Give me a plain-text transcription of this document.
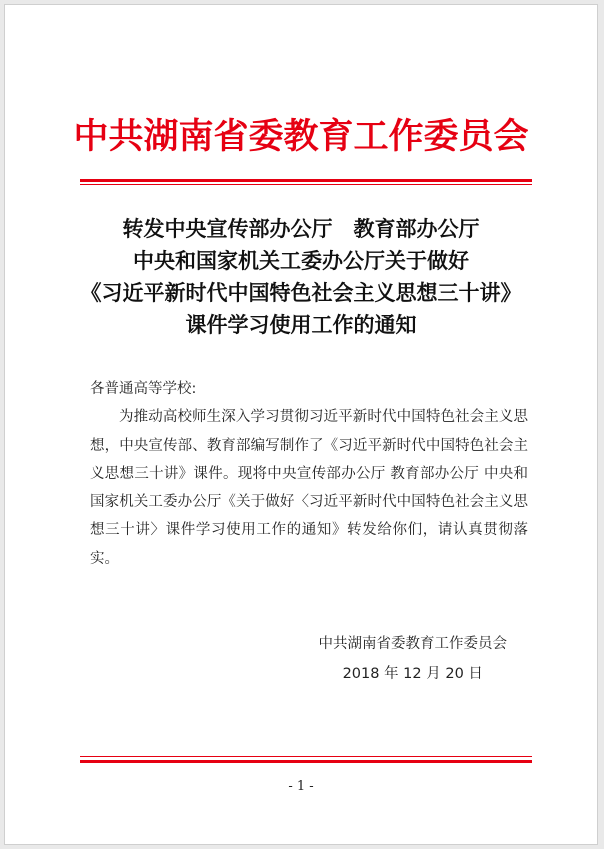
中共湖南省委教育工作委员会
转发中央宣传部办公厅　教育部办公厅
中央和国家机关工委办公厅关于做好
《习近平新时代中国特色社会主义思想三十讲》
课件学习使用工作的通知
各普通高等学校:
为推动高校师生深入学习贯彻习近平新时代中国特色社会主义思想，中央宣传部、教育部编写制作了《习近平新时代中国特色社会主义思想三十讲》课件。现将中央宣传部办公厅 教育部办公厅 中央和国家机关工委办公厅《关于做好〈习近平新时代中国特色社会主义思想三十讲〉课件学习使用工作的通知》转发给你们，请认真贯彻落实。
中共湖南省委教育工作委员会
2018 年 12 月 20 日
- 1 -
